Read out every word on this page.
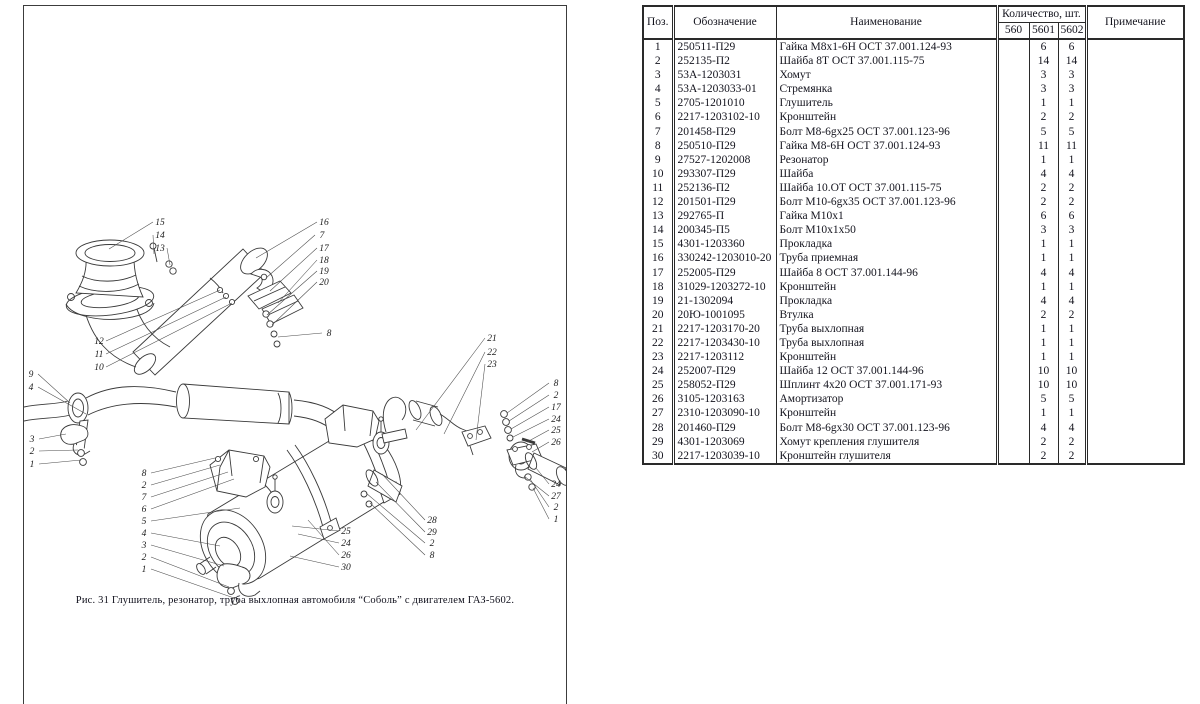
15
14
13
16
7
17
18
19
20
8
12
11
10
9
4
3
2
1
8
2
7
6
5
4
3
2
1
25
24
26
30
21
22
23
8
2
17
24
25
26
24
27
2
1
28
29
2
8
Рис. 31 Глушитель, резонатор, труба выхлопная автомобиля “Соболь” с двигателем ГАЗ-5602.
Поз.	Обозначение	Наименование	Количество, шт.			Примечание
			560	5601	5602	
1	250511-П29	Гайка М8х1-6Н ОСТ 37.001.124-93		6	6	
2	252135-П2	Шайба 8Т ОСТ 37.001.115-75		14	14	
3	53А-1203031	Хомут		3	3	
4	53А-1203033-01	Стремянка		3	3	
5	2705-1201010	Глушитель		1	1	
6	2217-1203102-10	Кронштейн		2	2	
7	201458-П29	Болт М8-6gх25 ОСТ 37.001.123-96		5	5	
8	250510-П29	Гайка М8-6Н ОСТ 37.001.124-93		11	11	
9	27527-1202008	Резонатор		1	1	
10	293307-П29	Шайба		4	4	
11	252136-П2	Шайба 10.ОТ ОСТ 37.001.115-75		2	2	
12	201501-П29	Болт М10-6gх35 ОСТ 37.001.123-96		2	2	
13	292765-П	Гайка М10х1		6	6	
14	200345-П5	Болт М10х1х50		3	3	
15	4301-1203360	Прокладка		1	1	
16	330242-1203010-20	Труба приемная		1	1	
17	252005-П29	Шайба 8 ОСТ 37.001.144-96		4	4	
18	31029-1203272-10	Кронштейн		1	1	
19	21-1302094	Прокладка		4	4	
20	20Ю-1001095	Втулка		2	2	
21	2217-1203170-20	Труба выхлопная		1	1	
22	2217-1203430-10	Труба выхлопная		1	1	
23	2217-1203112	Кронштейн		1	1	
24	252007-П29	Шайба 12 ОСТ 37.001.144-96		10	10	
25	258052-П29	Шплинт 4х20 ОСТ 37.001.171-93		10	10	
26	3105-1203163	Амортизатор		5	5	
27	2310-1203090-10	Кронштейн		1	1	
28	201460-П29	Болт М8-6gх30 ОСТ 37.001.123-96		4	4	
29	4301-1203069	Хомут крепления глушителя		2	2	
30	2217-1203039-10	Кронштейн глушителя		2	2	
